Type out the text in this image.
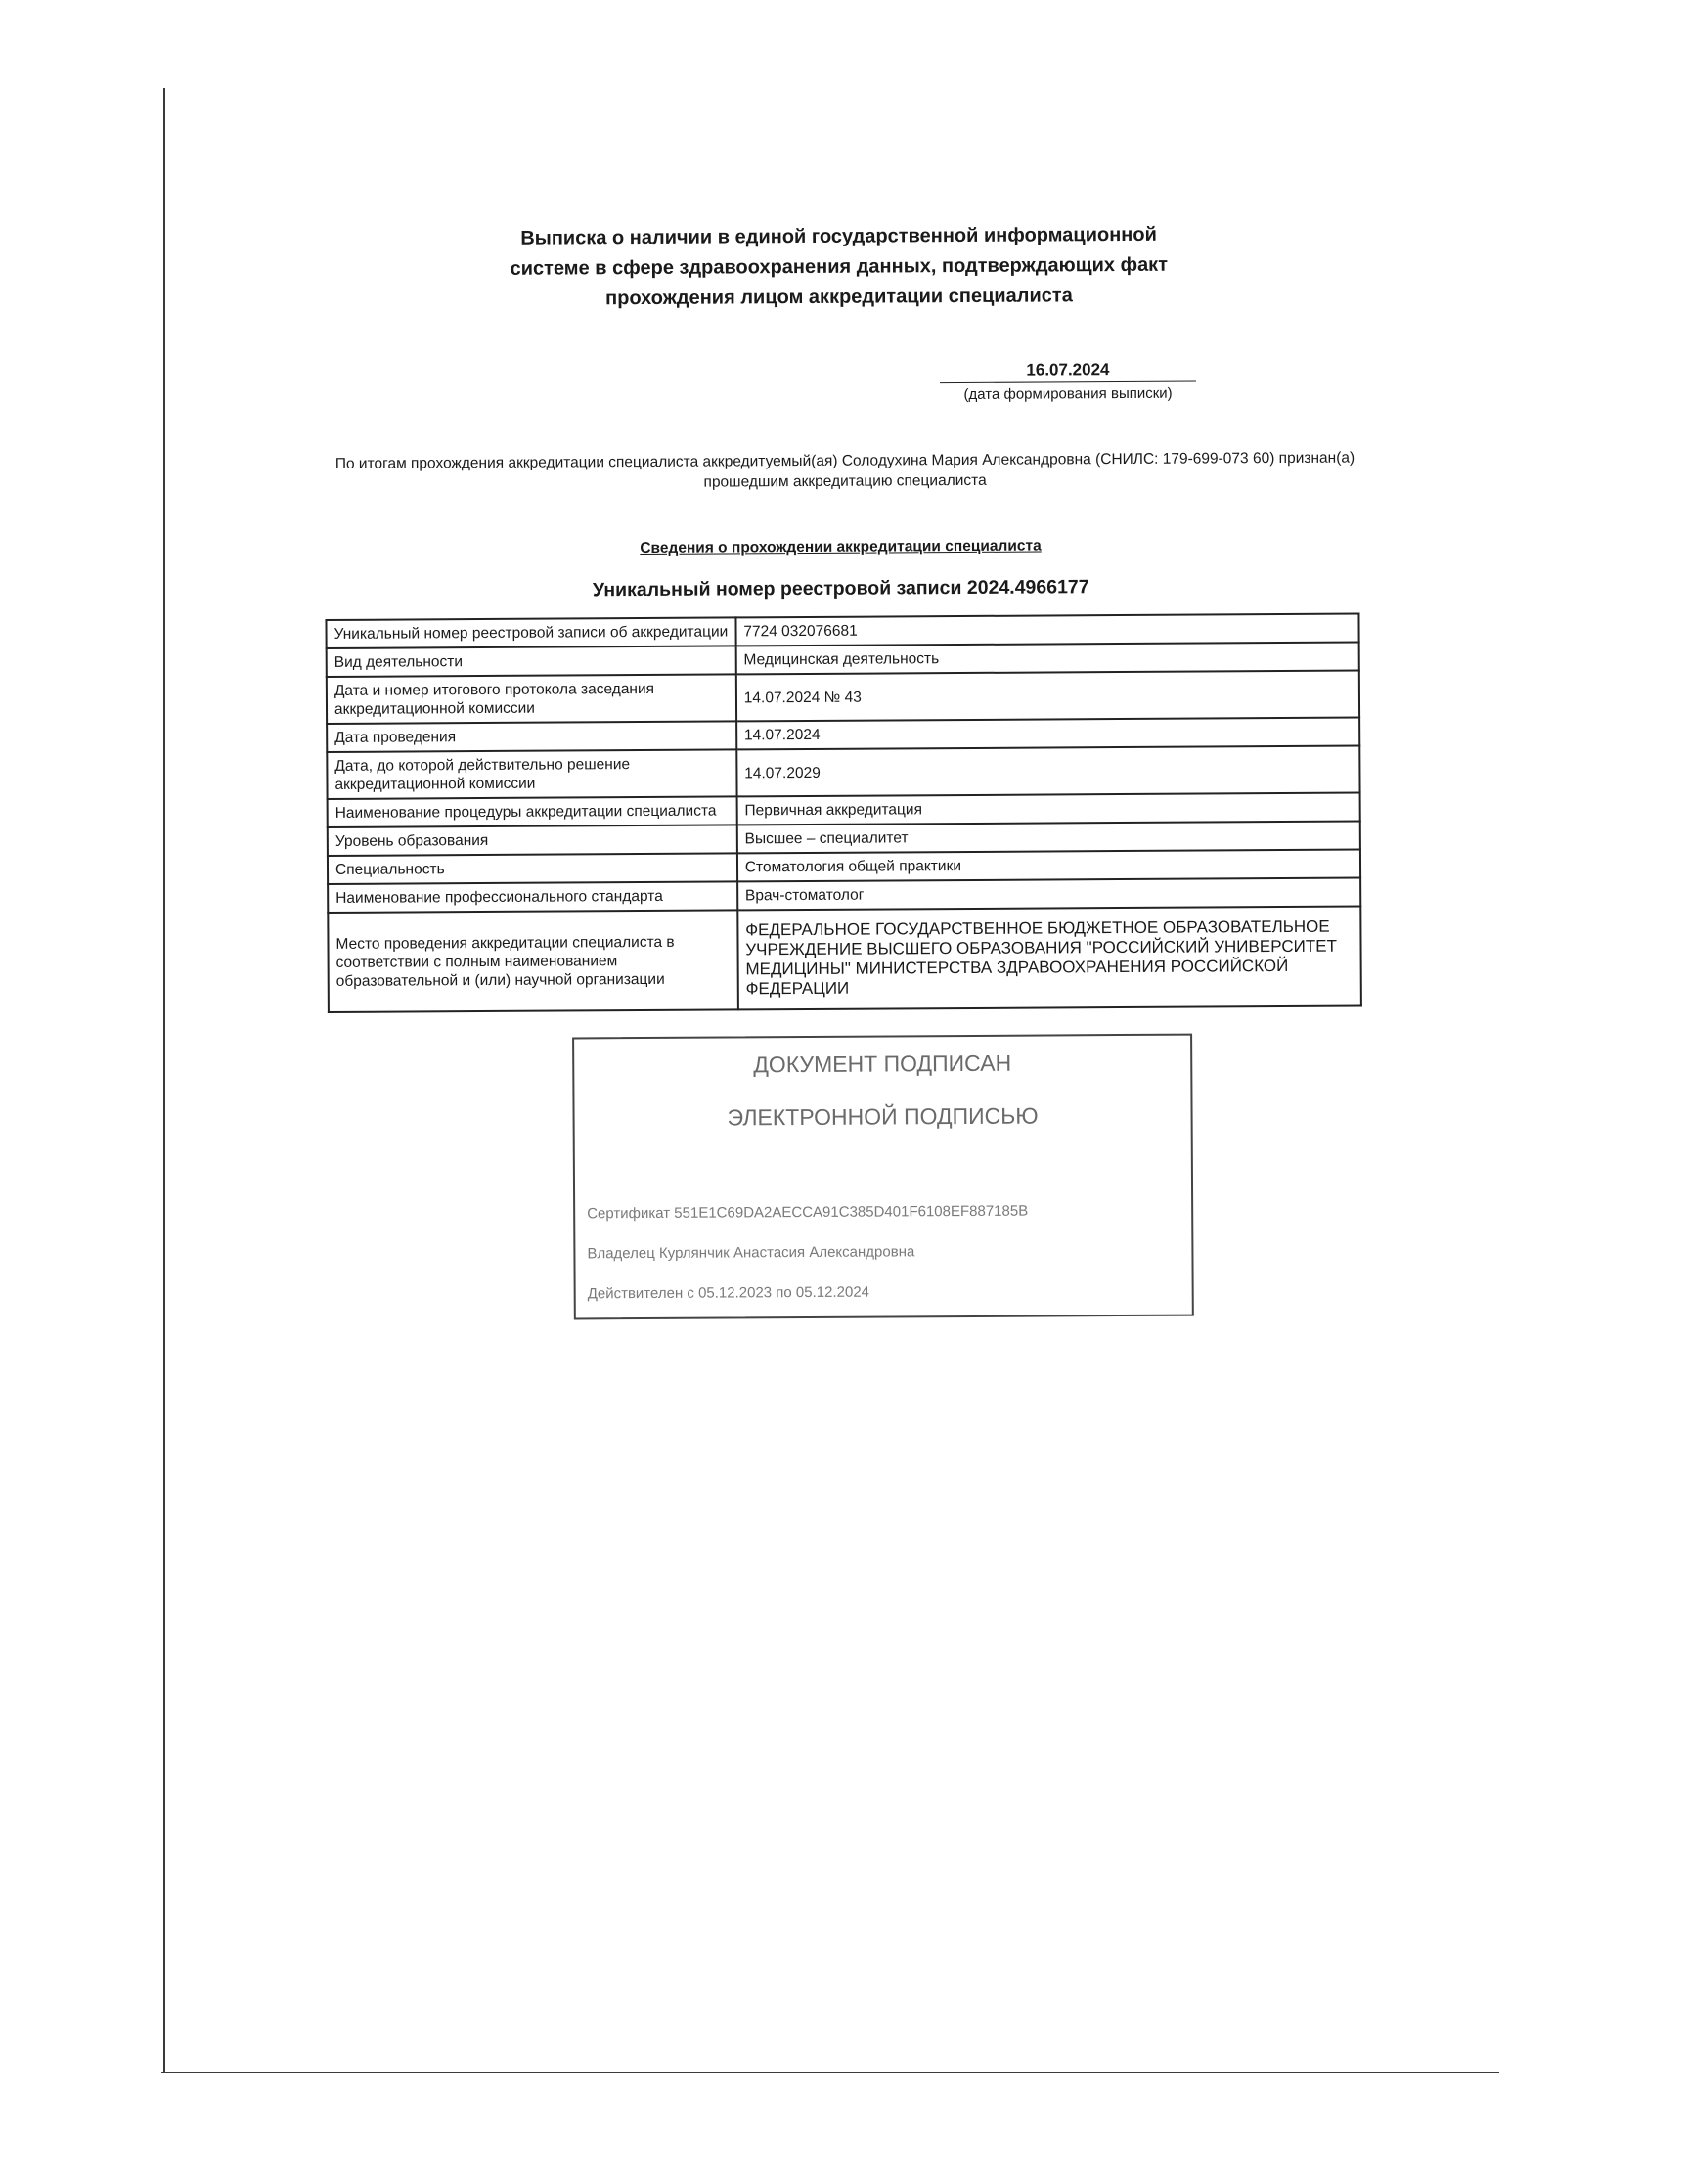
Выписка о наличии в единой государственной информационной
системе в сфере здравоохранения данных, подтверждающих факт
прохождения лицом аккредитации специалиста
16.07.2024
(дата формирования выписки)
По итогам прохождения аккредитации специалиста аккредитуемый(ая) Солодухина Мария Александровна (СНИЛС: 179-699-073 60) признан(а) прошедшим аккредитацию специалиста
Сведения о прохождении аккредитации специалиста
Уникальный номер реестровой записи 2024.4966177
Уникальный номер реестровой записи об аккредитации	7724 032076681
Вид деятельности	Медицинская деятельность
Дата и номер итогового протокола заседания аккредитационной комиссии	14.07.2024 № 43
Дата проведения	14.07.2024
Дата, до которой действительно решение аккредитационной комиссии	14.07.2029
Наименование процедуры аккредитации специалиста	Первичная аккредитация
Уровень образования	Высшее – специалитет
Специальность	Стоматология общей практики
Наименование профессионального стандарта	Врач-стоматолог
Место проведения аккредитации специалиста в соответствии с полным наименованием образовательной и (или) научной организации	ФЕДЕРАЛЬНОЕ ГОСУДАРСТВЕННОЕ БЮДЖЕТНОЕ ОБРАЗОВАТЕЛЬНОЕ УЧРЕЖДЕНИЕ ВЫСШЕГО ОБРАЗОВАНИЯ "РОССИЙСКИЙ УНИВЕРСИТЕТ МЕДИЦИНЫ" МИНИСТЕРСТВА ЗДРАВООХРАНЕНИЯ РОССИЙСКОЙ ФЕДЕРАЦИИ
ДОКУМЕНТ ПОДПИСАН
ЭЛЕКТРОННОЙ ПОДПИСЬЮ
Сертификат 551E1C69DA2AECCA91C385D401F6108EF887185B
Владелец Курлянчик Анастасия Александровна
Действителен с 05.12.2023 по 05.12.2024
